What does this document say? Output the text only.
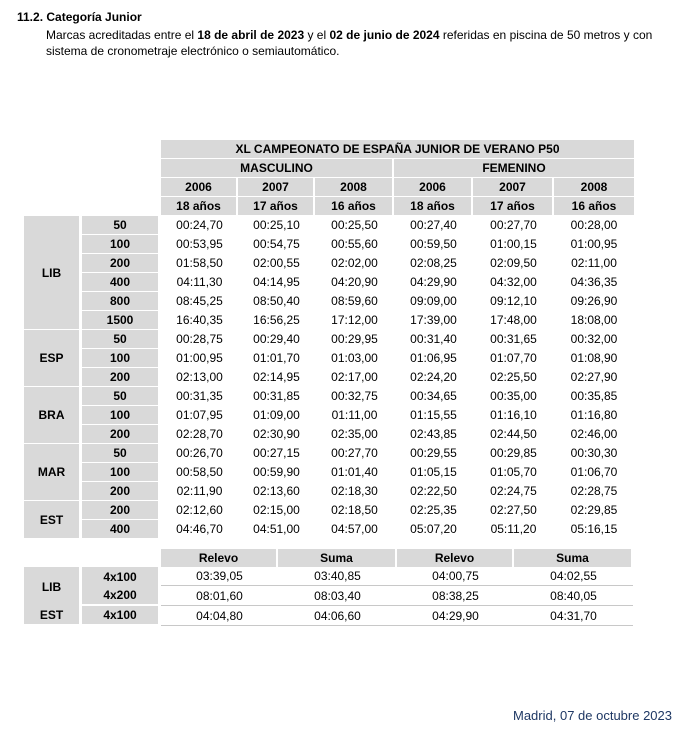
11.2. Categoría Junior
Marcas acreditadas entre el 18 de abril de 2023 y el 02 de junio de 2024 referidas en piscina de 50 metros y con sistema de cronometraje electrónico o semiautomático.
		XL CAMPEONATO DE ESPAÑA JUNIOR DE VERANO P50					
		MASCULINO			FEMENINO		
		2006	2007	2008	2006	2007	2008
		18 años	17 años	16 años	18 años	17 años	16 años
LIB	50	00:24,70	00:25,10	00:25,50	00:27,40	00:27,70	00:28,00
	100	00:53,95	00:54,75	00:55,60	00:59,50	01:00,15	01:00,95
	200	01:58,50	02:00,55	02:02,00	02:08,25	02:09,50	02:11,00
	400	04:11,30	04:14,95	04:20,90	04:29,90	04:32,00	04:36,35
	800	08:45,25	08:50,40	08:59,60	09:09,00	09:12,10	09:26,90
	1500	16:40,35	16:56,25	17:12,00	17:39,00	17:48,00	18:08,00
ESP	50	00:28,75	00:29,40	00:29,95	00:31,40	00:31,65	00:32,00
	100	01:00,95	01:01,70	01:03,00	01:06,95	01:07,70	01:08,90
	200	02:13,00	02:14,95	02:17,00	02:24,20	02:25,50	02:27,90
BRA	50	00:31,35	00:31,85	00:32,75	00:34,65	00:35,00	00:35,85
	100	01:07,95	01:09,00	01:11,00	01:15,55	01:16,10	01:16,80
	200	02:28,70	02:30,90	02:35,00	02:43,85	02:44,50	02:46,00
MAR	50	00:26,70	00:27,15	00:27,70	00:29,55	00:29,85	00:30,30
	100	00:58,50	00:59,90	01:01,40	01:05,15	01:05,70	01:06,70
	200	02:11,90	02:13,60	02:18,30	02:22,50	02:24,75	02:28,75
EST	200	02:12,60	02:15,00	02:18,50	02:25,35	02:27,50	02:29,85
	400	04:46,70	04:51,00	04:57,00	05:07,20	05:11,20	05:16,15
		Relevo	Suma	Relevo	Suma
LIB	4x100	03:39,05	03:40,85	04:00,75	04:02,55
	4x200	08:01,60	08:03,40	08:38,25	08:40,05
EST	4x100	04:04,80	04:06,60	04:29,90	04:31,70
Madrid, 07 de octubre 2023
